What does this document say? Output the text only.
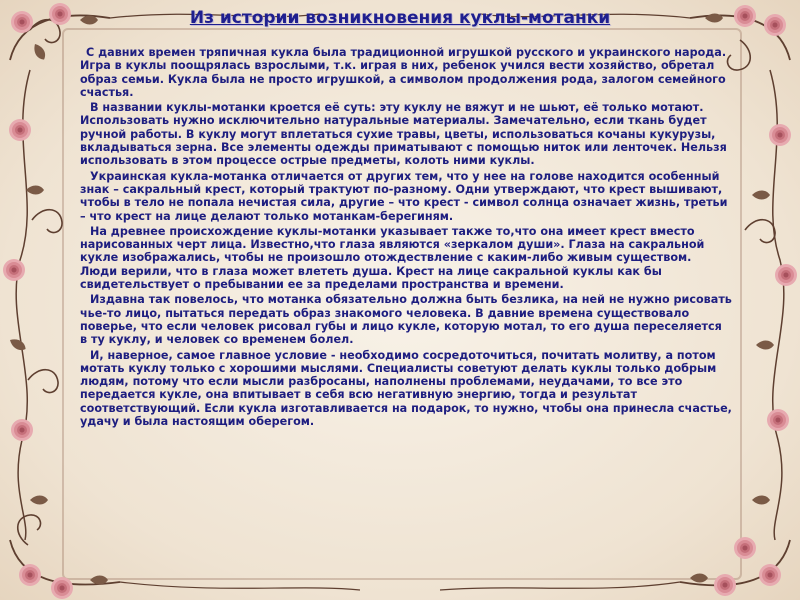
Из истории возникновения куклы-мотанки

С давних времен тряпичная кукла была традиционной игрушкой русского и украинского народа. Игра в куклы поощрялась взрослыми, т.к. играя в них, ребенок учился вести хозяйство, обретал образ семьи. Кукла была не просто игрушкой, а символом продолжения рода, залогом семейного счастья.

В названии куклы-мотанки кроется её суть: эту куклу не вяжут и не шьют, её только мотают. Использовать нужно исключительно натуральные материалы. Замечательно, если ткань будет ручной работы. В куклу могут вплетаться сухие травы, цветы, использоваться кочаны кукурузы, вкладываться зерна. Все элементы одежды приматывают с помощью ниток или ленточек. Нельзя использовать в этом процессе острые предметы, колоть ними куклы.

Украинская кукла-мотанка отличается от других тем, что у нее на голове находится особенный знак – сакральный крест, который трактуют по-разному. Одни утверждают, что крест вышивают, чтобы в тело не попала нечистая сила, другие – что крест - символ солнца означает жизнь, третьи – что крест на лице делают только мотанкам-берегиням.

На древнее происхождение куклы-мотанки указывает также то,что она имеет крест вместо нарисованных черт лица. Известно,что глаза являются «зеркалом души». Глаза на сакральной кукле изображались, чтобы не произошло отождествление с каким-либо живым существом. Люди верили, что в глаза может влететь душа. Крест на лице сакральной куклы как бы свидетельствует о пребывании ее за пределами пространства и времени.

Издавна так повелось, что мотанка обязательно должна быть безлика, на ней не нужно рисовать чье-то лицо, пытаться передать образ знакомого человека. В давние времена существовало поверье, что если человек рисовал губы и лицо кукле, которую мотал, то его душа переселяется в ту куклу, и человек со временем болел.

И, наверное, самое главное условие - необходимо сосредоточиться, почитать молитву, а потом мотать куклу только с хорошими мыслями. Специалисты советуют делать куклы только добрым людям, потому что если мысли разбросаны, наполнены проблемами, неудачами, то все это передается кукле, она впитывает в себя всю негативную энергию, тогда и результат соответствующий. Если кукла изготавливается на подарок, то нужно, чтобы она принесла счастье, удачу и была настоящим оберегом.
